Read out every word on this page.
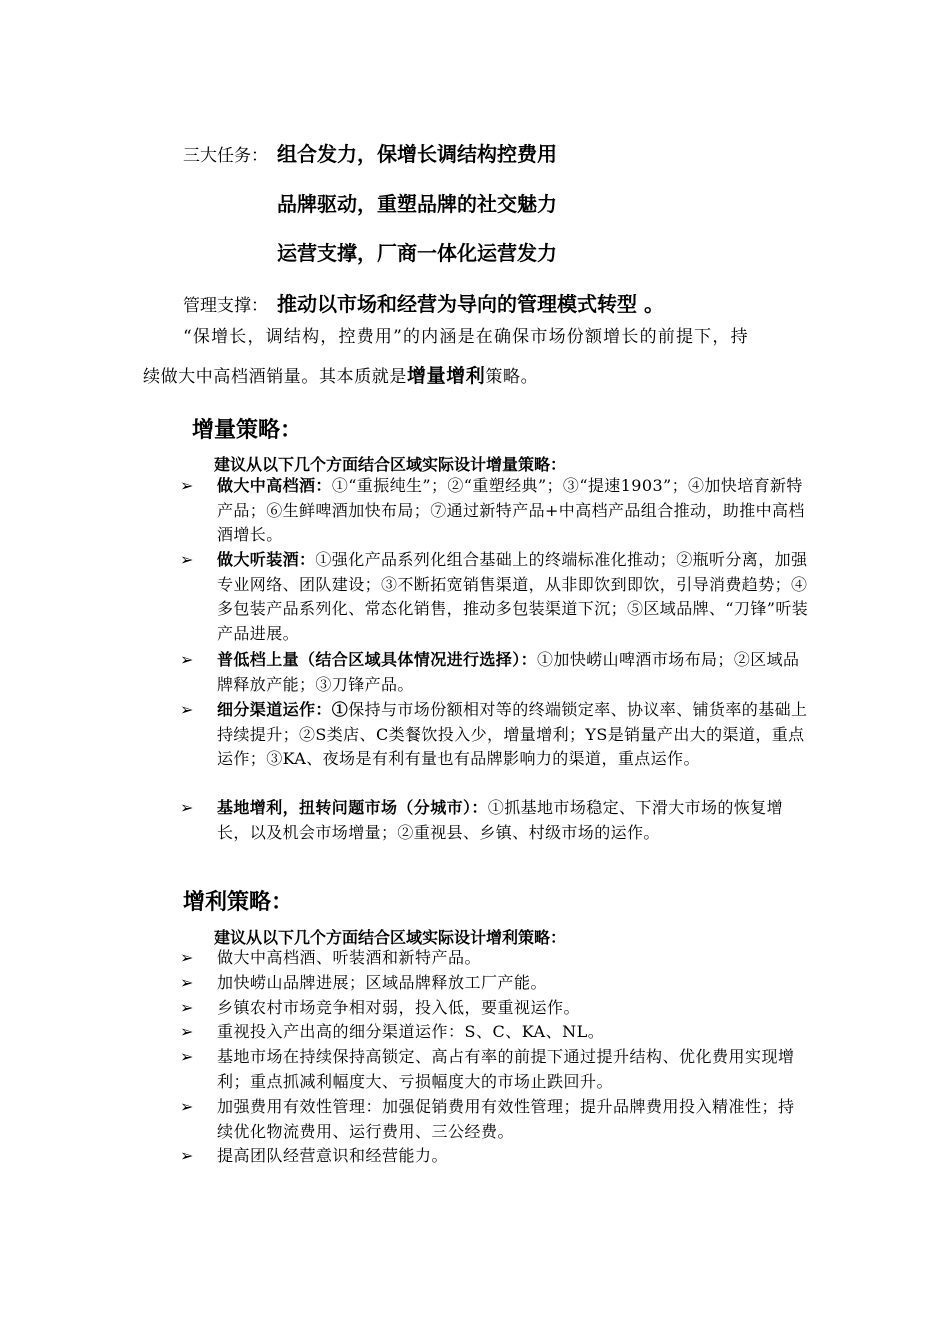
三大任务： 组合发力，保增长调结构控费用
品牌驱动，重塑品牌的社交魅力
运营支撑，厂商一体化运营发力
管理支撑： 推动以市场和经营为导向的管理模式转型 。
“保增长，调结构，控费用”的内涵是在确保市场份额增长的前提下，持
续做大中高档酒销量。其本质就是增量增利策略。
增量策略：
建议从以下几个方面结合区域实际设计增量策略：
➢ 做大中高档酒：①“重振纯生”；②“重塑经典”；③“提速1903”；④加快培育新特产品；⑥生鲜啤酒加快布局；⑦通过新特产品+中高档产品组合推动，助推中高档酒增长。
➢ 做大听装酒：①强化产品系列化组合基础上的终端标准化推动；②瓶听分离，加强专业网络、团队建设；③不断拓宽销售渠道，从非即饮到即饮，引导消费趋势；④多包装产品系列化、常态化销售，推动多包装渠道下沉；⑤区域品牌、“刀锋”听装产品进展。
➢ 普低档上量（结合区域具体情况进行选择）：①加快崂山啤酒市场布局；②区域品牌释放产能；③刀锋产品。
➢ 细分渠道运作：①保持与市场份额相对等的终端锁定率、协议率、铺货率的基础上持续提升；②S类店、C类餐饮投入少，增量增利；YS是销量产出大的渠道，重点运作；③KA、夜场是有利有量也有品牌影响力的渠道，重点运作。
➢ 基地增利，扭转问题市场（分城市）：①抓基地市场稳定、下滑大市场的恢复增长，以及机会市场增量；②重视县、乡镇、村级市场的运作。
增利策略：
建议从以下几个方面结合区域实际设计增利策略：
➢ 做大中高档酒、听装酒和新特产品。
➢ 加快崂山品牌进展；区域品牌释放工厂产能。
➢ 乡镇农村市场竞争相对弱，投入低，要重视运作。
➢ 重视投入产出高的细分渠道运作：S、C、KA、NL。
➢ 基地市场在持续保持高锁定、高占有率的前提下通过提升结构、优化费用实现增利；重点抓减利幅度大、亏损幅度大的市场止跌回升。
➢ 加强费用有效性管理：加强促销费用有效性管理；提升品牌费用投入精准性；持续优化物流费用、运行费用、三公经费。
➢ 提高团队经营意识和经营能力。
